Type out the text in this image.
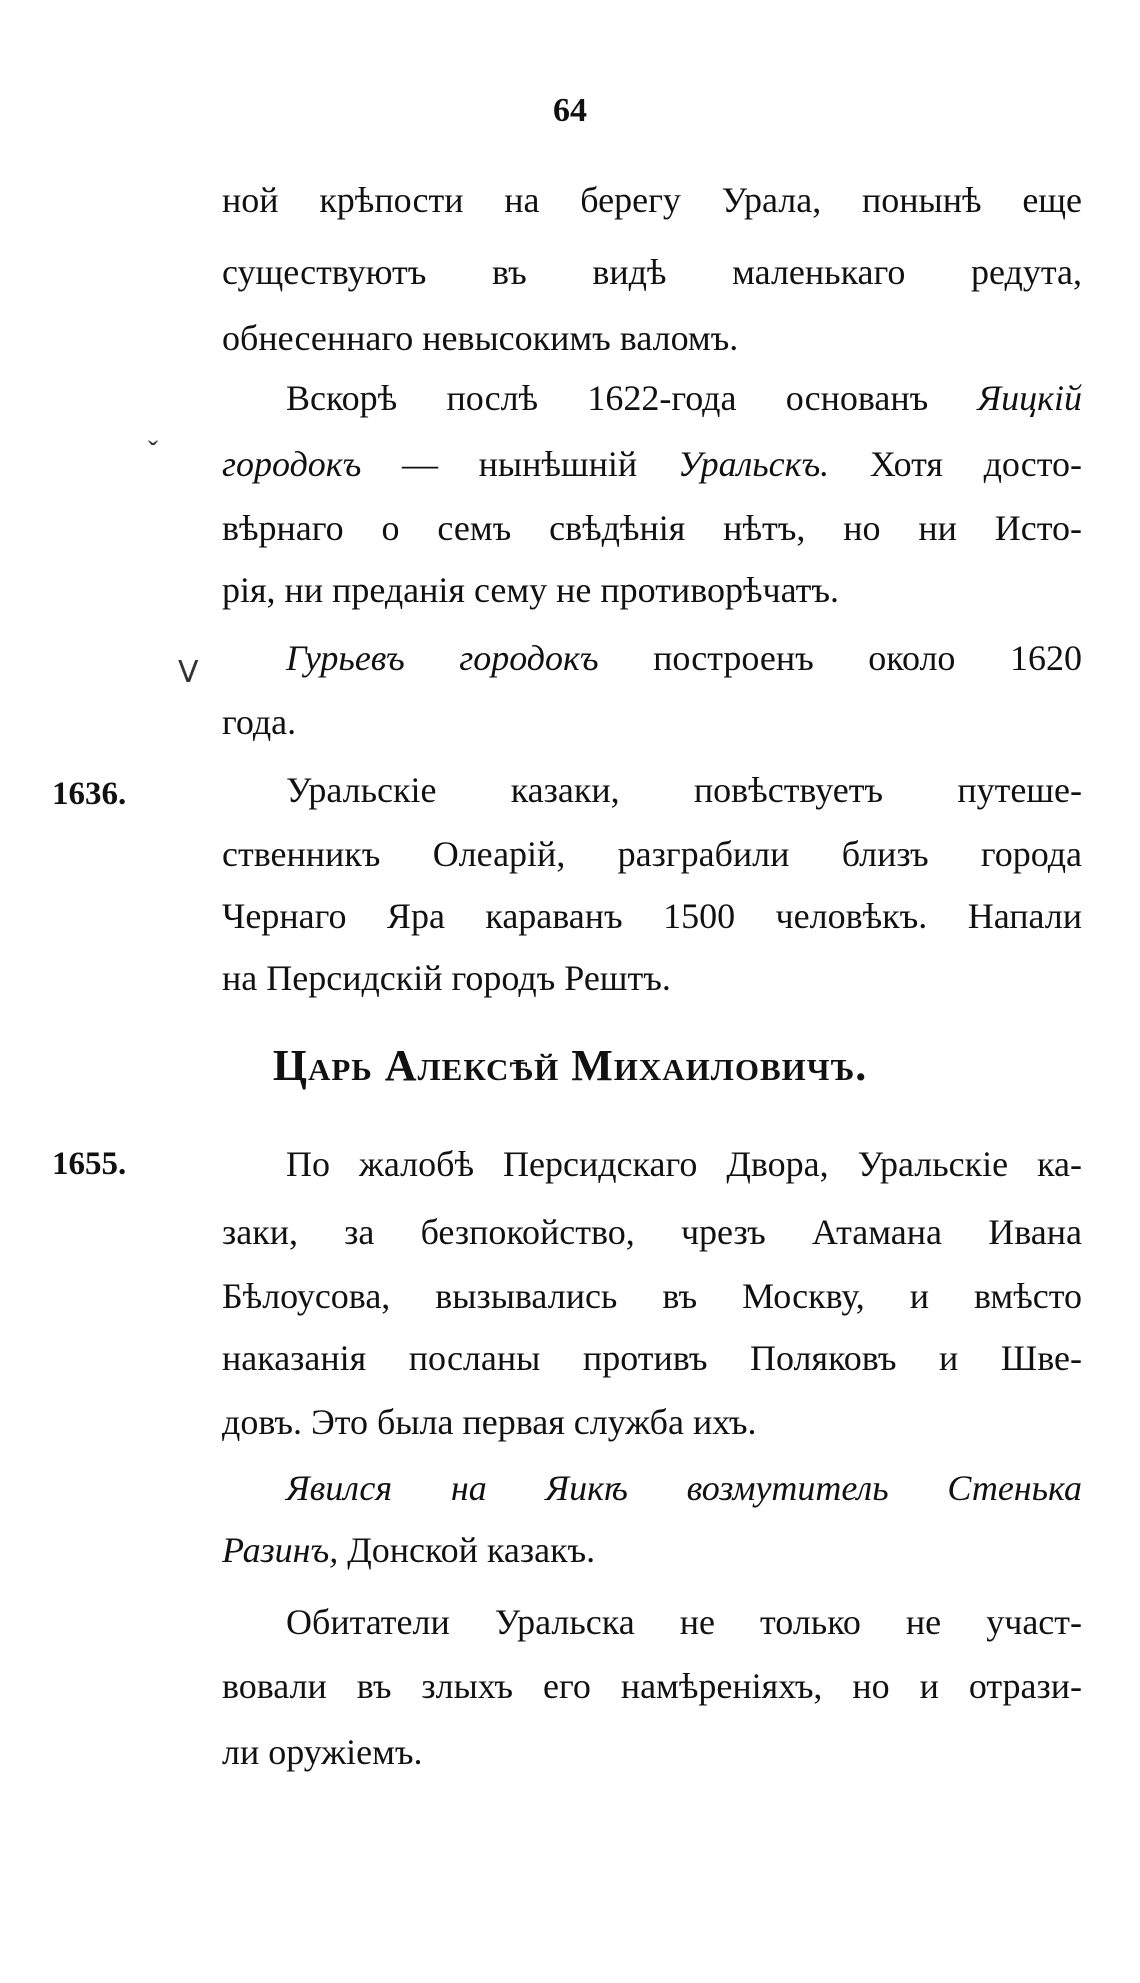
64
ной крѣпости на берегу Урала, понынѣ еще
существуютъ въ видѣ маленькаго редута,
обнесеннаго невысокимъ валомъ.
Вскорѣ послѣ 1622-года основанъ Яицкій
городокъ — нынѣшній Уральскъ. Хотя досто-
вѣрнаго о семъ свѣдѣнія нѣтъ, но ни Исто-
рія, ни преданія сему не противорѣчатъ.
ˇ
ᐯ Гурьевъ городокъ построенъ около 1620
года.
1636.	Уральскіе казаки, повѣствуетъ путеше-
ственникъ Олеарій, разграбили близъ города
Чернаго Яра караванъ 1500 человѣкъ. Напали
на Персидскій городъ Рештъ.
Царь Алексѣй Михаиловичъ.
1655.	По жалобѣ Персидскаго Двора, Уральскіе ка-
заки, за безпокойство, чрезъ Атамана Ивана
Бѣлоусова, вызывались въ Москву, и вмѣсто
наказанія посланы противъ Поляковъ и Шве-
довъ. Это была первая служба ихъ.
Явился на Яикѣ возмутитель Стенька
Разинъ, Донской казакъ.
Обитатели Уральска не только не участ-
вовали въ злыхъ его намѣреніяхъ, но и отрази-
ли оружіемъ.
